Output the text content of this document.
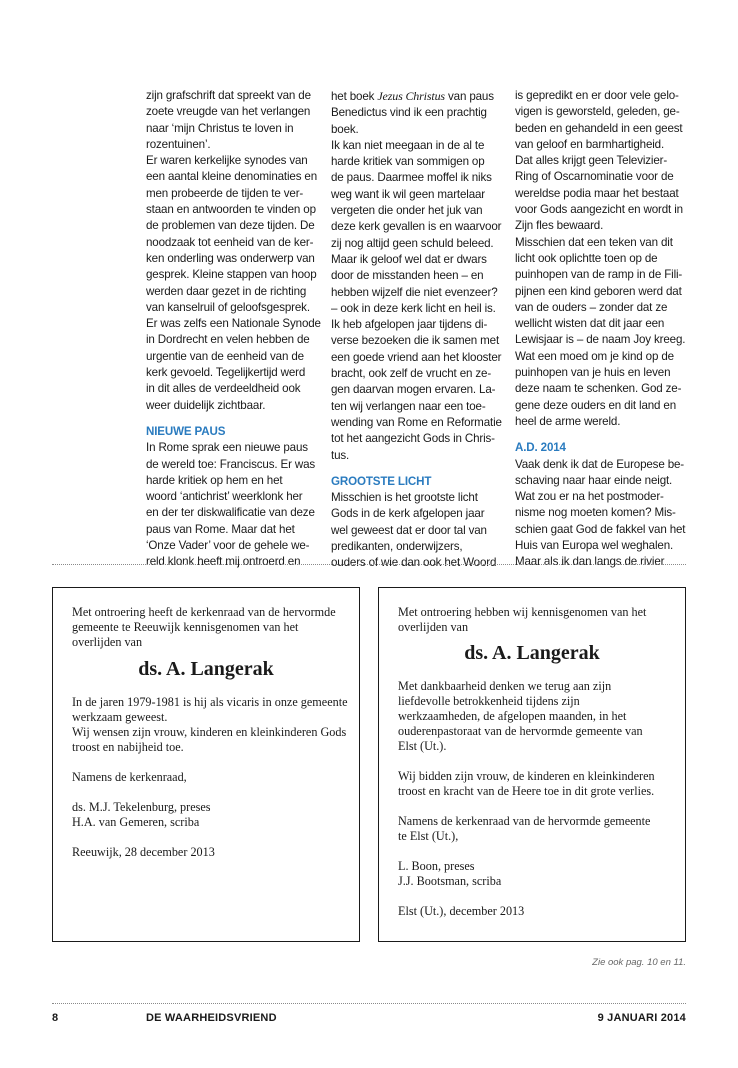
zijn grafschrift dat spreekt van de
zoete vreugde van het verlangen
naar ‘mijn Christus te loven in
rozentuinen’.
Er waren kerkelijke synodes van
een aantal kleine denominaties en
men probeerde de tijden te ver-
staan en antwoorden te vinden op
de problemen van deze tijden. De
noodzaak tot eenheid van de ker-
ken onderling was onderwerp van
gesprek. Kleine stappen van hoop
werden daar gezet in de richting
van kanselruil of geloofsgesprek.
Er was zelfs een Nationale Synode
in Dordrecht en velen hebben de
urgentie van de eenheid van de
kerk gevoeld. Tegelijkertijd werd
in dit alles de verdeeldheid ook
weer duidelijk zichtbaar.
NIEUWE PAUS
In Rome sprak een nieuwe paus
de wereld toe: Franciscus. Er was
harde kritiek op hem en het
woord ‘antichrist’ weerklonk her
en der ter diskwalificatie van deze
paus van Rome. Maar dat het
‘Onze Vader’ voor de gehele we-
reld klonk heeft mij ontroerd en
het boek Jezus Christus van paus
Benedictus vind ik een prachtig
boek.
Ik kan niet meegaan in de al te
harde kritiek van sommigen op
de paus. Daarmee moffel ik niks
weg want ik wil geen martelaar
vergeten die onder het juk van
deze kerk gevallen is en waarvoor
zij nog altijd geen schuld beleed.
Maar ik geloof wel dat er dwars
door de misstanden heen – en
hebben wijzelf die niet evenzeer?
– ook in deze kerk licht en heil is.
Ik heb afgelopen jaar tijdens di-
verse bezoeken die ik samen met
een goede vriend aan het klooster
bracht, ook zelf de vrucht en ze-
gen daarvan mogen ervaren. La-
ten wij verlangen naar een toe-
wending van Rome en Reformatie
tot het aangezicht Gods in Chris-
tus.
GROOTSTE LICHT
Misschien is het grootste licht
Gods in de kerk afgelopen jaar
wel geweest dat er door tal van
predikanten, onderwijzers,
ouders of wie dan ook het Woord
is gepredikt en er door vele gelo-
vigen is geworsteld, geleden, ge-
beden en gehandeld in een geest
van geloof en barmhartigheid.
Dat alles krijgt geen Televizier-
Ring of Oscarnominatie voor de
wereldse podia maar het bestaat
voor Gods aangezicht en wordt in
Zijn fles bewaard.
Misschien dat een teken van dit
licht ook oplichtte toen op de
puinhopen van de ramp in de Fili-
pijnen een kind geboren werd dat
van de ouders – zonder dat ze
wellicht wisten dat dit jaar een
Lewisjaar is – de naam Joy kreeg.
Wat een moed om je kind op de
puinhopen van je huis en leven
deze naam te schenken. God ze-
gene deze ouders en dit land en
heel de arme wereld.
A.D. 2014
Vaak denk ik dat de Europese be-
schaving naar haar einde neigt.
Wat zou er na het postmoder-
nisme nog moeten komen? Mis-
schien gaat God de fakkel van het
Huis van Europa wel weghalen.
Maar als ik dan langs de rivier
Met ontroering heeft de kerkenraad van de hervormde
gemeente te Reeuwijk kennisgenomen van het
overlijden van
ds. A. Langerak
In de jaren 1979-1981 is hij als vicaris in onze gemeente
werkzaam geweest.
Wij wensen zijn vrouw, kinderen en kleinkinderen Gods
troost en nabijheid toe.
Namens de kerkenraad,
ds. M.J. Tekelenburg, preses
H.A. van Gemeren, scriba
Reeuwijk, 28 december 2013
Met ontroering hebben wij kennisgenomen van het
overlijden van
ds. A. Langerak
Met dankbaarheid denken we terug aan zijn
liefdevolle betrokkenheid tijdens zijn
werkzaamheden, de afgelopen maanden, in het
ouderenpastoraat van de hervormde gemeente van
Elst (Ut.).
Wij bidden zijn vrouw, de kinderen en kleinkinderen
troost en kracht van de Heere toe in dit grote verlies.
Namens de kerkenraad van de hervormde gemeente
te Elst (Ut.),
L. Boon, preses
J.J. Bootsman, scriba
Elst (Ut.), december 2013
Zie ook pag. 10 en 11.
8	DE WAARHEIDSVRIEND	9 JANUARI 2014
